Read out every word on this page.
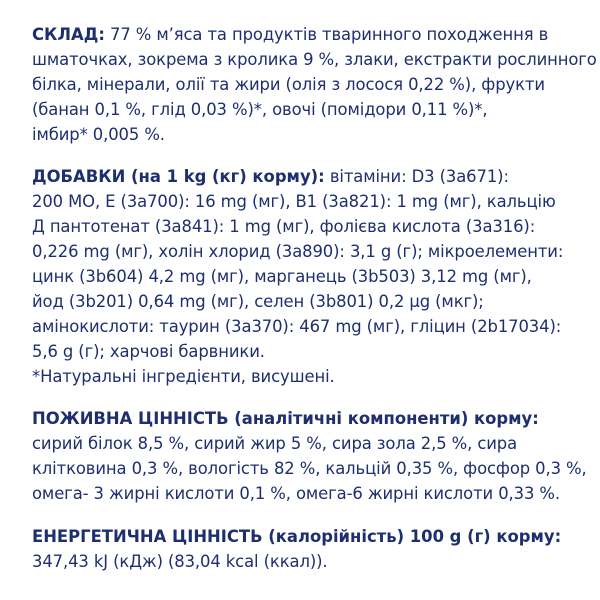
СКЛАД: 77 % м’яса та продуктів тваринного походження в
шматочках, зокрема з кролика 9 %, злаки, екстракти рослинного
білка, мінерали, олії та жири (олія з лосося 0,22 %), фрукти
(банан 0,1 %, глід 0,03 %)*, овочі (помідори 0,11 %)*,
імбир* 0,005 %.
ДОБАВКИ (на 1 kg (кг) корму): вітаміни: D3 (3a671):
200 МО, Е (3а700): 16 mg (мг), В1 (3а821): 1 mg (мг), кальцію
Д пантотенат (3а841): 1 mg (мг), фолієва кислота (3а316):
0,226 mg (мг), холін хлорид (3а890): 3,1 g (г); мікроелементи:
цинк (3b604) 4,2 mg (мг), марганець (3b503) 3,12 mg (мг),
йод (3b201) 0,64 mg (мг), селен (3b801) 0,2 μg (мкг);
амінокислоти: таурин (3а370): 467 mg (мг), гліцин (2b17034):
5,6 g (г); харчові барвники.
*Натуральні інгредієнти, висушені.
ПОЖИВНА ЦІННІСТЬ (аналітичні компоненти) корму:
сирий білок 8,5 %, сирий жир 5 %, сира зола 2,5 %, сира
клітковина 0,3 %, вологість 82 %, кальцій 0,35 %, фосфор 0,3 %,
омега- 3 жирні кислоти 0,1 %, омега-6 жирні кислоти 0,33 %.
ЕНЕРГЕТИЧНА ЦІННІСТЬ (калорійність) 100 g (г) корму:
347,43 kJ (кДж) (83,04 kcal (ккал)).
